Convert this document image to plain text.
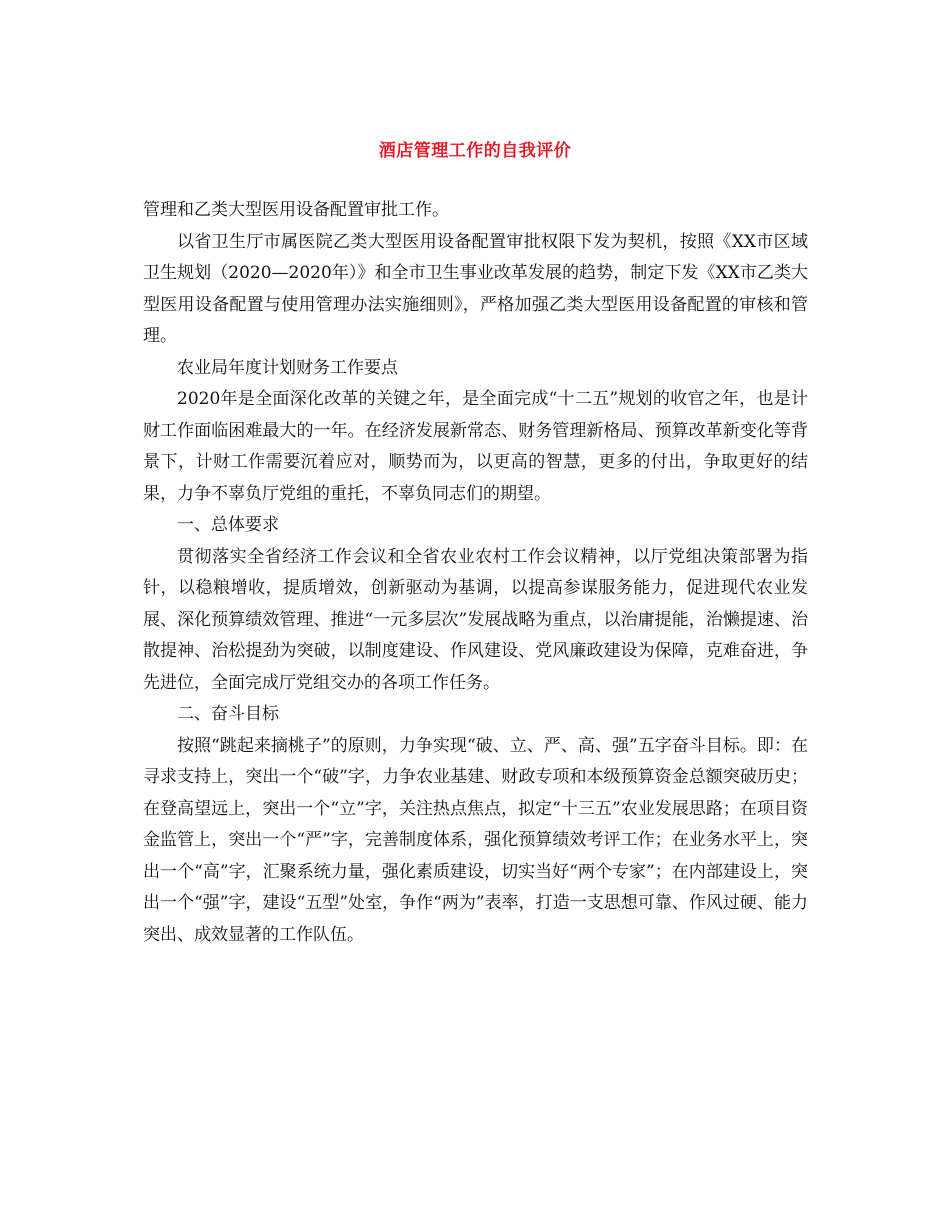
酒店管理工作的自我评价

管理和乙类大型医用设备配置审批工作。

以省卫生厅市属医院乙类大型医用设备配置审批权限下发为契机，按照《XX市区域卫生规划（2020—2020年）》和全市卫生事业改革发展的趋势，制定下发《XX市乙类大型医用设备配置与使用管理办法实施细则》，严格加强乙类大型医用设备配置的审核和管理。

农业局年度计划财务工作要点

2020年是全面深化改革的关键之年，是全面完成“十二五”规划的收官之年，也是计财工作面临困难最大的一年。在经济发展新常态、财务管理新格局、预算改革新变化等背景下，计财工作需要沉着应对，顺势而为，以更高的智慧，更多的付出，争取更好的结果，力争不辜负厅党组的重托，不辜负同志们的期望。

一、总体要求

贯彻落实全省经济工作会议和全省农业农村工作会议精神，以厅党组决策部署为指针，以稳粮增收，提质增效，创新驱动为基调，以提高参谋服务能力，促进现代农业发展、深化预算绩效管理、推进“一元多层次”发展战略为重点，以治庸提能，治懒提速、治散提神、治松提劲为突破，以制度建设、作风建设、党风廉政建设为保障，克难奋进，争先进位，全面完成厅党组交办的各项工作任务。

二、奋斗目标

按照“跳起来摘桃子”的原则，力争实现“破、立、严、高、强”五字奋斗目标。即：在寻求支持上，突出一个“破”字，力争农业基建、财政专项和本级预算资金总额突破历史；在登高望远上，突出一个“立”字，关注热点焦点，拟定“十三五”农业发展思路；在项目资金监管上，突出一个“严”字，完善制度体系，强化预算绩效考评工作；在业务水平上，突出一个“高”字，汇聚系统力量，强化素质建设，切实当好“两个专家”；在内部建设上，突出一个“强”字，建设“五型”处室，争作“两为”表率，打造一支思想可靠、作风过硬、能力突出、成效显著的工作队伍。
